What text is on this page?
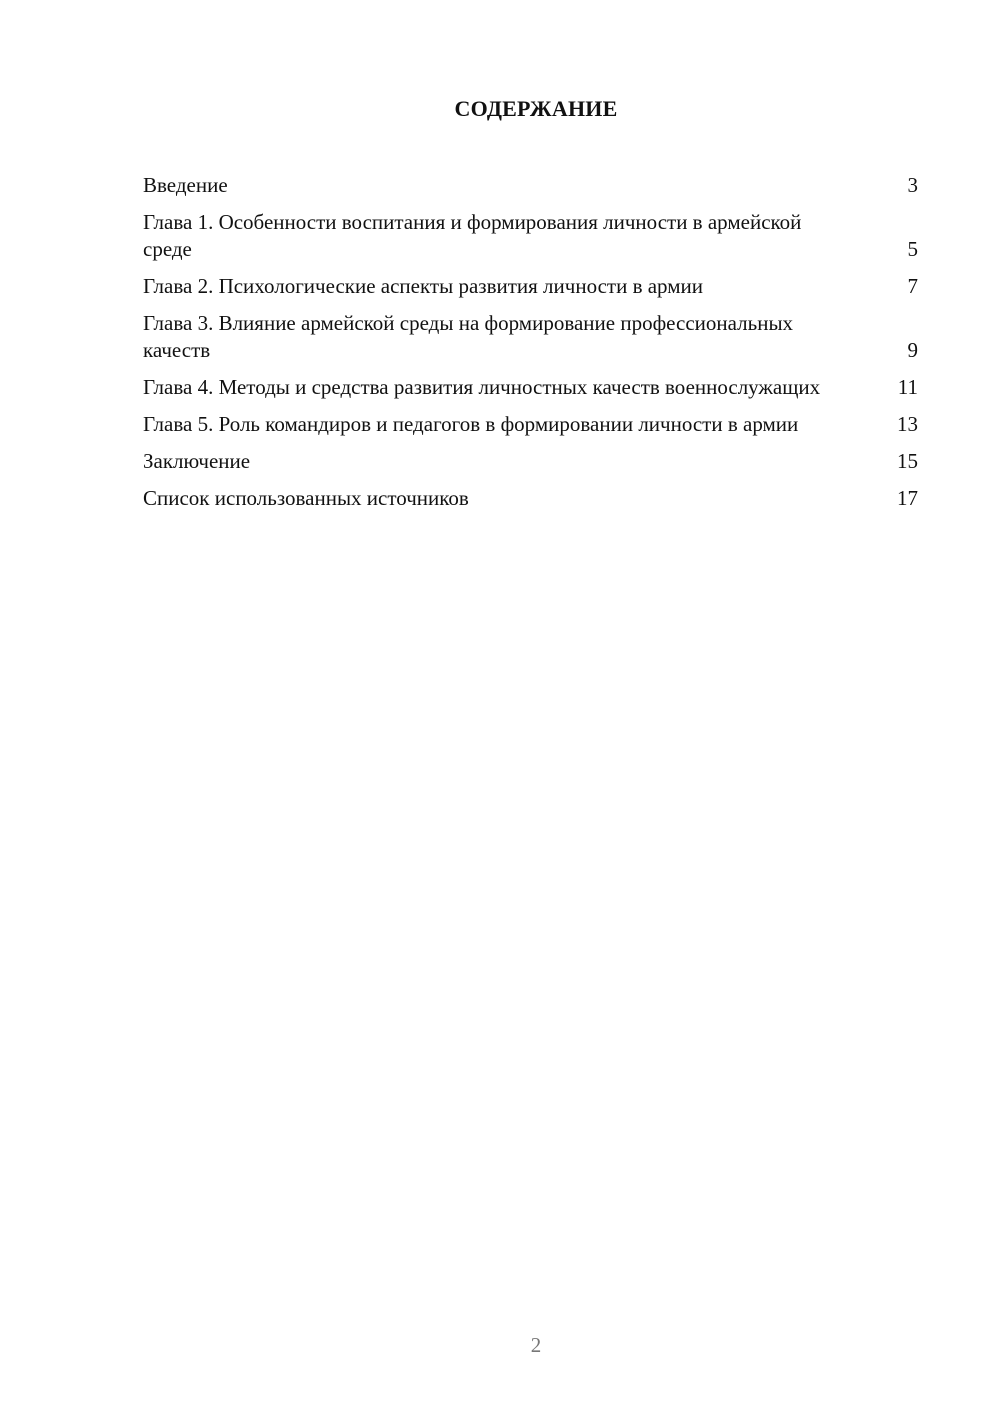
СОДЕРЖАНИЕ
Введение	3
Глава 1. Особенности воспитания и формирования личности в армейской среде	5
Глава 2. Психологические аспекты развития личности в армии	7
Глава 3. Влияние армейской среды на формирование профессиональных качеств	9
Глава 4. Методы и средства развития личностных качеств военнослужащих	11
Глава 5. Роль командиров и педагогов в формировании личности в армии	13
Заключение	15
Список использованных источников	17
2
